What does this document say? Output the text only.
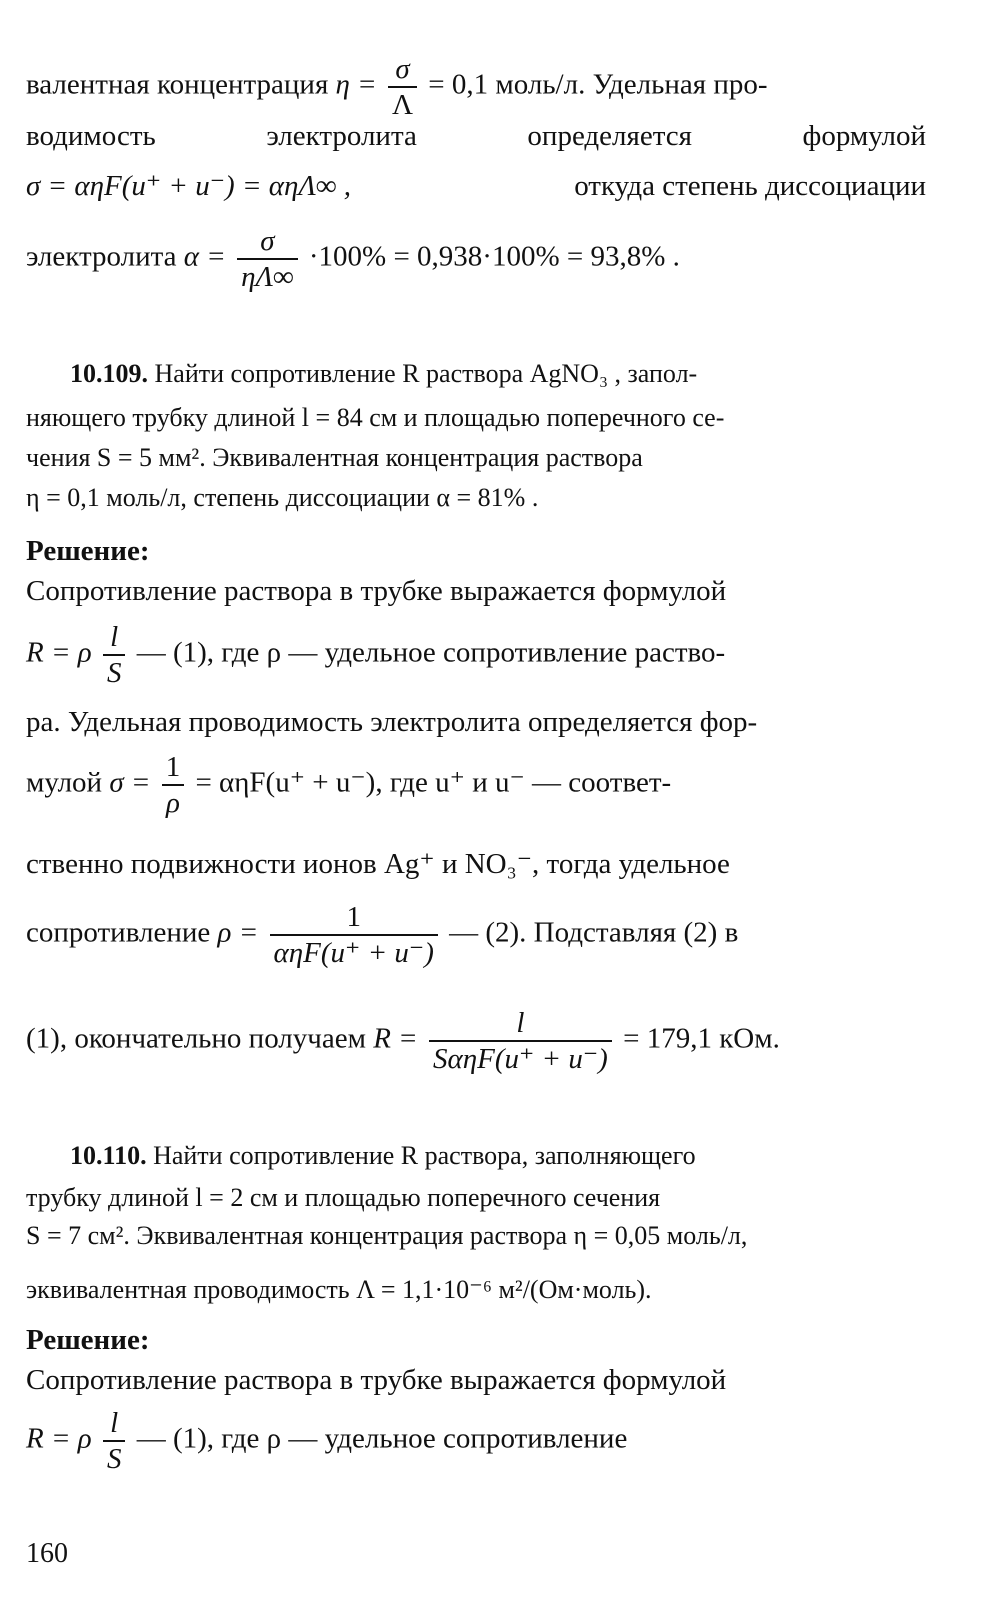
валентная концентрация $\eta = \frac{\sigma}{\Lambda} = 0,1$ моль/л. Удельная про-
водимость	электролита	определяется	формулой
σ = αηF(u⁺ + u⁻) = αηΛ∞ ,	откуда степень диссоциации
электролита $\alpha = \frac{\sigma}{\eta\Lambda\infty} \cdot 100\% = 0,938\cdot 100\% = 93,8\%$ .
10.109. Найти сопротивление R раствора AgNO₃ , запол-
няющего трубку длиной l = 84 см и площадью поперечного се-
чения S = 5 мм². Эквивалентная концентрация раствора
η = 0,1 моль/л, степень диссоциации α = 81% .
Решение:
Сопротивление раствора в трубке выражается формулой
R = ρ $\frac{l}{S}$ — (1), где ρ — удельное сопротивление раство-
ра. Удельная проводимость электролита определяется фор-
мулой $\sigma = \frac{1}{\rho} = \alpha\eta F(u^+ + u^-)$, где u⁺ и u⁻ — соответ-
ственно подвижности ионов Ag⁺ и NO₃⁻, тогда удельное
сопротивление $\rho = \frac{1}{\text{αηF(u⁺ + u⁻)}}$ — (2). Подставляя (2) в
(1), окончательно получаем $R = \frac{l}{\text{SαηF(u⁺ + u⁻)}} = 179,1$ кОм.
10.110. Найти сопротивление R раствора, заполняющего
трубку длиной l = 2 см и площадью поперечного сечения
S = 7 см². Эквивалентная концентрация раствора η = 0,05 моль/л,
эквивалентная проводимость Λ = 1,1·10⁻⁶ м²/(Ом·моль).
Решение:
Сопротивление раствора в трубке выражается формулой
R = ρ $\frac{l}{S}$ — (1), где ρ — удельное сопротивление
160
